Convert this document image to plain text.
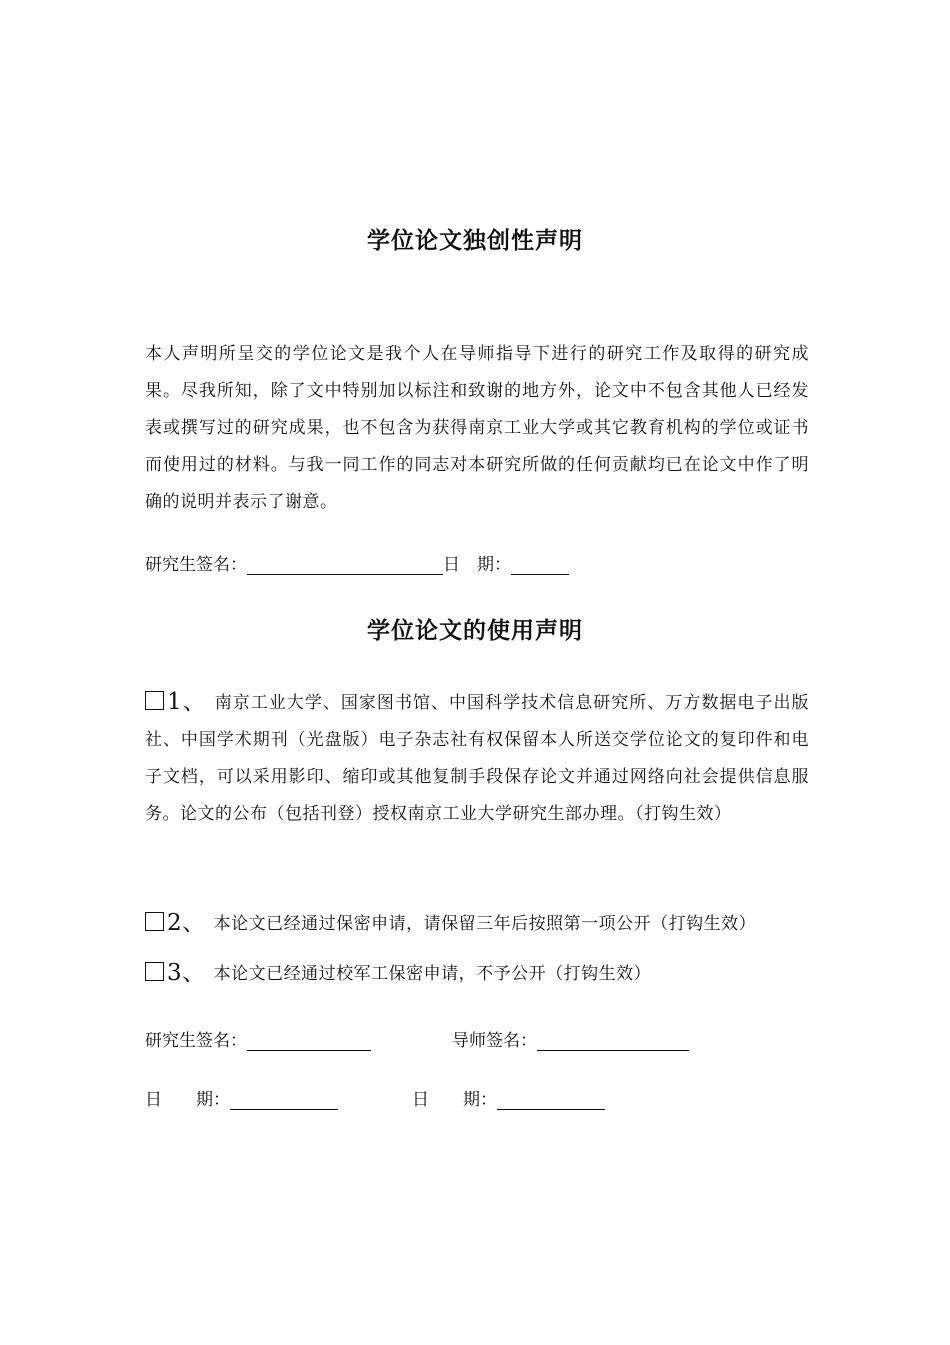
学位论文独创性声明

本人声明所呈交的学位论文是我个人在导师指导下进行的研究工作及取得的研究成果。尽我所知，除了文中特别加以标注和致谢的地方外，论文中不包含其他人已经发表或撰写过的研究成果，也不包含为获得南京工业大学或其它教育机构的学位或证书而使用过的材料。与我一同工作的同志对本研究所做的任何贡献均已在论文中作了明确的说明并表示了谢意。

研究生签名：	日　期：
学位论文的使用声明
1、 南京工业大学、国家图书馆、中国科学技术信息研究所、万方数据电子出版社、中国学术期刊（光盘版）电子杂志社有权保留本人所送交学位论文的复印件和电子文档，可以采用影印、缩印或其他复制手段保存论文并通过网络向社会提供信息服务。论文的公布（包括刊登）授权南京工业大学研究生部办理。（打钩生效）
2、 本论文已经通过保密申请，请保留三年后按照第一项公开（打钩生效）
3、 本论文已经通过校军工保密申请，不予公开（打钩生效）
研究生签名：	导师签名：
日　　期：	日　　期：
